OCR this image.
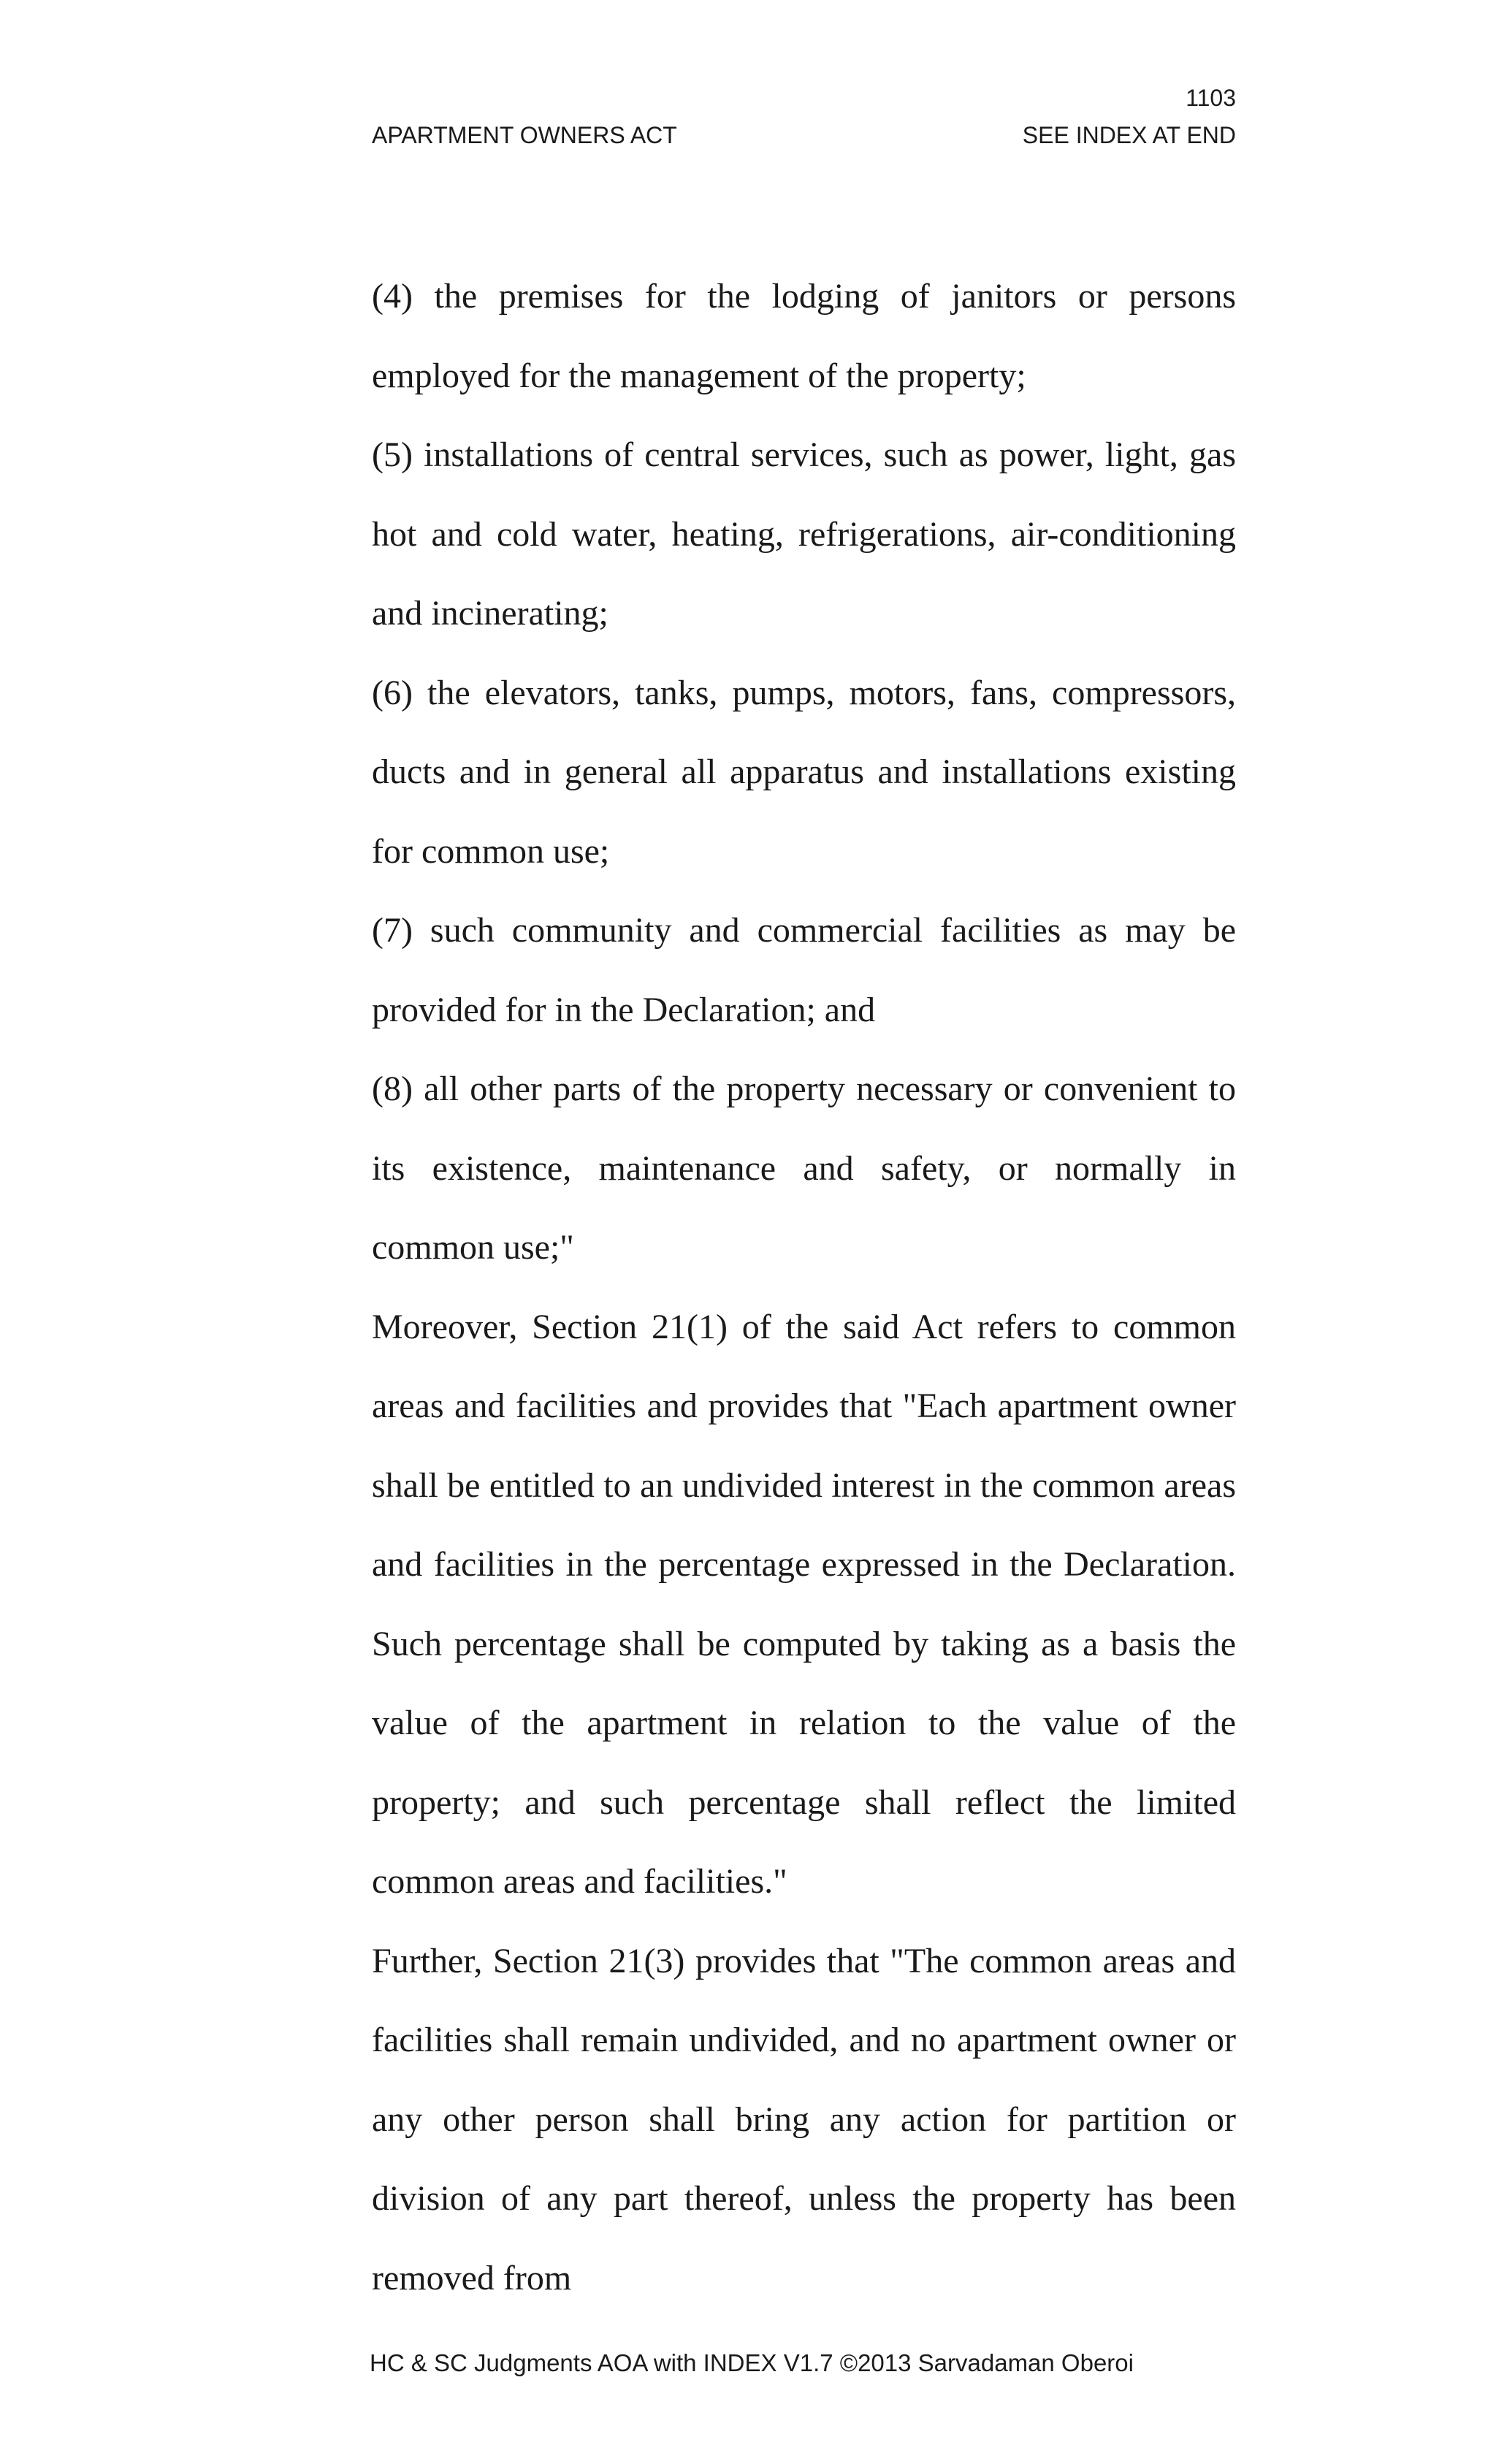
1103
APARTMENT OWNERS ACT	SEE INDEX AT END

(4) the premises for the lodging of janitors or persons employed for the management of the property;

(5) installations of central services, such as power, light, gas hot and cold water, heating, refrigerations, air-conditioning and incinerating;

(6) the elevators, tanks, pumps, motors, fans, compressors, ducts and in general all apparatus and installations existing for common use;

(7) such community and commercial facilities as may be provided for in the Declaration; and

(8) all other parts of the property necessary or convenient to its existence, maintenance and safety, or normally in common use;"

Moreover, Section 21(1) of the said Act refers to common areas and facilities and provides that "Each apartment owner shall be entitled to an undivided interest in the common areas and facilities in the percentage expressed in the Declaration. Such percentage shall be computed by taking as a basis the value of the apartment in relation to the value of the property; and such percentage shall reflect the limited common areas and facilities."

Further, Section 21(3) provides that "The common areas and facilities shall remain undivided, and no apartment owner or any other person shall bring any action for partition or division of any part thereof, unless the property has been removed from

HC & SC Judgments AOA with INDEX V1.7 ©2013 Sarvadaman Oberoi
